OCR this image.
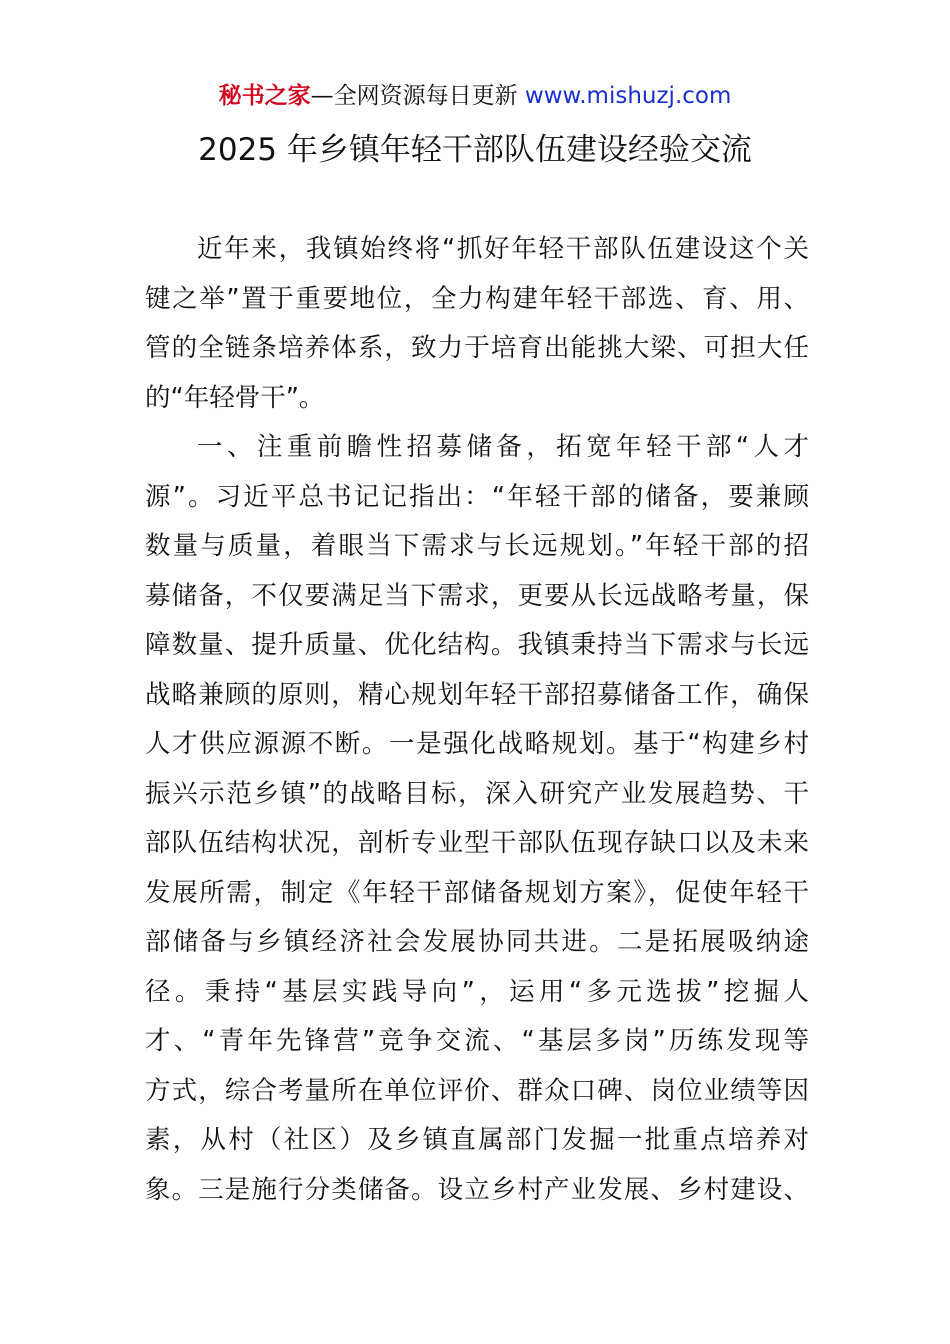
秘书之家—全网资源每日更新 www.mishuzj.com
2025 年乡镇年轻干部队伍建设经验交流
近年来，我镇始终将“抓好年轻干部队伍建设这个关
键之举”置于重要地位，全力构建年轻干部选、育、用、
管的全链条培养体系，致力于培育出能挑大梁、可担大任
的“年轻骨干”。
一、注重前瞻性招募储备，拓宽年轻干部“人才
源”。习近平总书记记指出：“年轻干部的储备，要兼顾
数量与质量，着眼当下需求与长远规划。”年轻干部的招
募储备，不仅要满足当下需求，更要从长远战略考量，保
障数量、提升质量、优化结构。我镇秉持当下需求与长远
战略兼顾的原则，精心规划年轻干部招募储备工作，确保
人才供应源源不断。一是强化战略规划。基于“构建乡村
振兴示范乡镇”的战略目标，深入研究产业发展趋势、干
部队伍结构状况，剖析专业型干部队伍现存缺口以及未来
发展所需，制定《年轻干部储备规划方案》，促使年轻干
部储备与乡镇经济社会发展协同共进。二是拓展吸纳途
径。秉持“基层实践导向”，运用“多元选拔”挖掘人
才、“青年先锋营”竞争交流、“基层多岗”历练发现等
方式，综合考量所在单位评价、群众口碑、岗位业绩等因
素，从村（社区）及乡镇直属部门发掘一批重点培养对
象。三是施行分类储备。设立乡村产业发展、乡村建设、
